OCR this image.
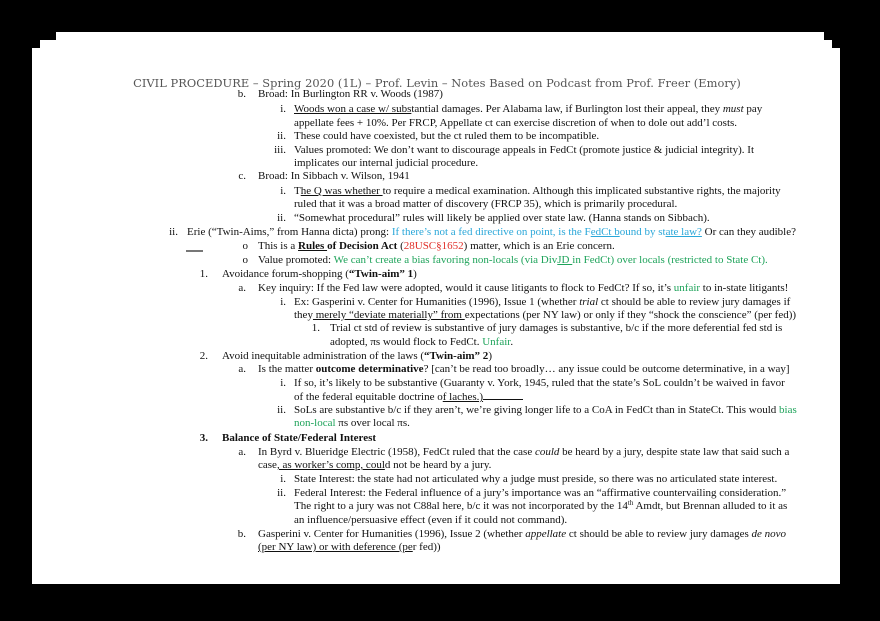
CIVIL PROCEDURE – Spring 2020 (1L) – Prof. Levin – Notes Based on Podcast from Prof. Freer (Emory)
b. Broad: In Burlington RR v. Woods (1987)
i. Woods won a case w/ substantial damages. Per Alabama law, if Burlington lost their appeal, they must pay
appellate fees + 10%. Per FRCP, Appellate ct can exercise discretion of when to dole out add’l costs.
ii. These could have coexisted, but the ct ruled them to be incompatible.
iii. Values promoted: We don’t want to discourage appeals in FedCt (promote justice & judicial integrity). It
implicates our internal judicial procedure.
c. Broad: In Sibbach v. Wilson, 1941
i. The Q was whether to require a medical examination. Although this implicated substantive rights, the majority
ruled that it was a broad matter of discovery (FRCP 35), which is primarily procedural.
ii. “Somewhat procedural” rules will likely be applied over state law. (Hanna stands on Sibbach).
ii. Erie (“Twin-Aims,” from Hanna dicta) prong: If there’s not a fed directive on point, is the FedCt bound by state law? Or can they audible?
o This is a Rules of Decision Act (28USC§1652) matter, which is an Erie concern.
o Value promoted: We can’t create a bias favoring non-locals (via DivJD in FedCt) over locals (restricted to State Ct).
1. Avoidance forum-shopping (“Twin-aim” 1)
a. Key inquiry: If the Fed law were adopted, would it cause litigants to flock to FedCt? If so, it’s unfair to in-state litigants!
i. Ex: Gasperini v. Center for Humanities (1996), Issue 1 (whether trial ct should be able to review jury damages if
they merely “deviate materially” from expectations (per NY law) or only if they “shock the conscience” (per fed))
1. Trial ct std of review is substantive of jury damages is substantive, b/c if the more deferential fed std is
adopted, πs would flock to FedCt. Unfair.
2. Avoid inequitable administration of the laws (“Twin-aim” 2)
a. Is the matter outcome determinative? [can’t be read too broadly… any issue could be outcome determinative, in a way]
i. If so, it’s likely to be substantive (Guaranty v. York, 1945, ruled that the state’s SoL couldn’t be waived in favor
of the federal equitable doctrine of laches.)
ii. SoLs are substantive b/c if they aren’t, we’re giving longer life to a CoA in FedCt than in StateCt. This would bias
non-local πs over local πs.
3. Balance of State/Federal Interest
a. In Byrd v. Blueridge Electric (1958), FedCt ruled that the case could be heard by a jury, despite state law that said such a
case, as worker’s comp, could not be heard by a jury.
i. State Interest: the state had not articulated why a judge must preside, so there was no articulated state interest.
ii. Federal Interest: the Federal influence of a jury’s importance was an “affirmative countervailing consideration.”
The right to a jury was not C88al here, b/c it was not incorporated by the 14th Amdt, but Brennan alluded to it as
an influence/persuasive effect (even if it could not command).
b. Gasperini v. Center for Humanities (1996), Issue 2 (whether appellate ct should be able to review jury damages de novo
(per NY law) or with deference (per fed))
